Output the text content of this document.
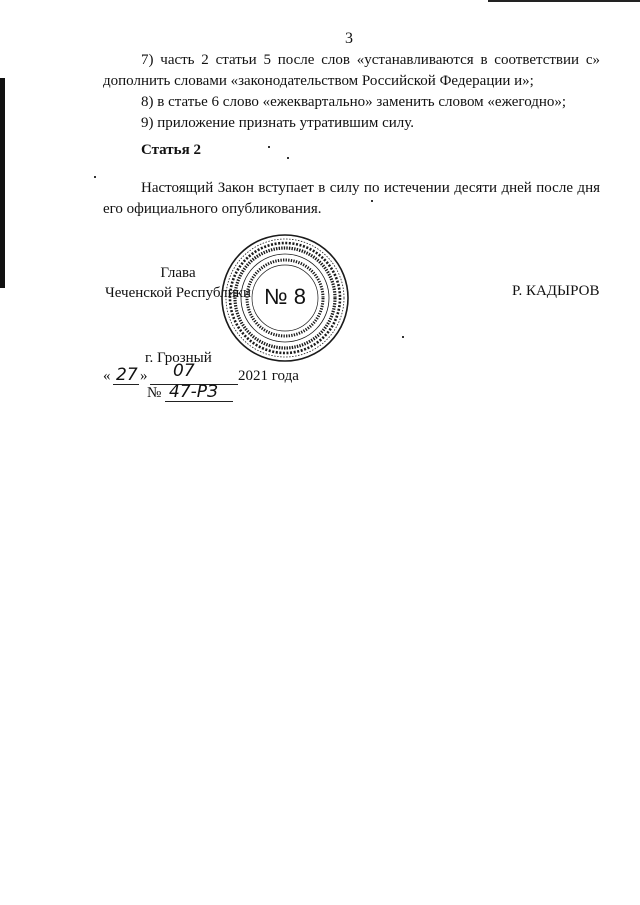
3

7) часть 2 статьи 5 после слов «устанавливаются в соответствии с» дополнить словами «законодательством Российской Федерации и»;

8) в статье 6 слово «ежеквартально» заменить словом «ежегодно»;

9) приложение признать утратившим силу.

Статья 2

Настоящий Закон вступает в силу по истечении десяти дней после дня его официального опубликования.

Глава
Чеченской Республики № 8	Р. КАДЫРОВ
г. Грозный
« 27 » 07	2021 года
№ 47-РЗ
